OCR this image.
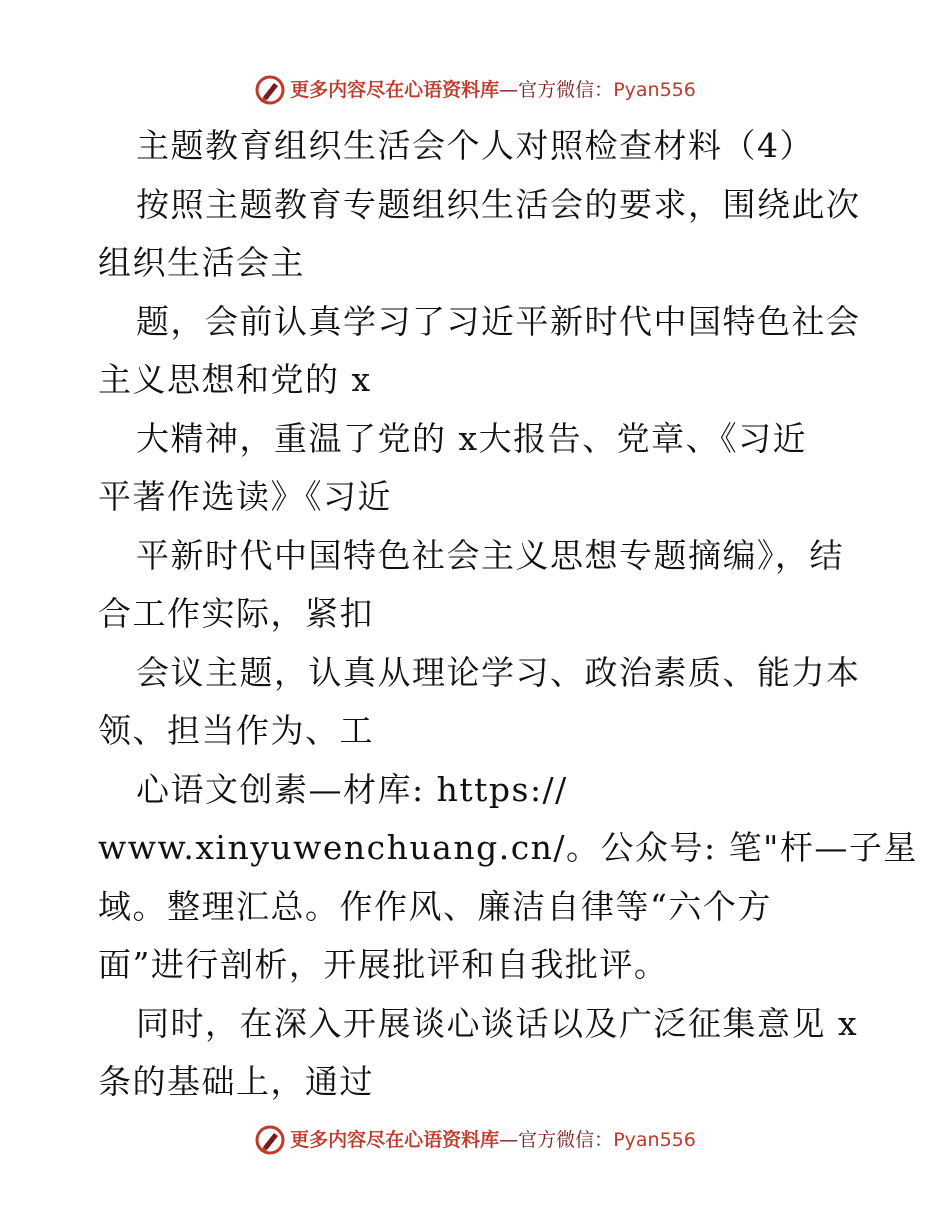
更多内容尽在心语资料库 — 官方微信： Pyan556
主题教育组织生活会个人对照检查材料（4）
按照主题教育专题组织生活会的要求，围绕此次
组织生活会主
题，会前认真学习了习近平新时代中国特色社会
主义思想和党的 x
大精神，重温了党的 x大报告、党章、《习近
平著作选读》《习近
平新时代中国特色社会主义思想专题摘编》，结
合工作实际，紧扣
会议主题，认真从理论学习、政治素质、能力本
领、担当作为、工
心语文创素—材库: https://
www.xinyuwenchuang.cn/。公众号: 笔"杆—子星
域。整理汇总。作作风、廉洁自律等“六个方
面”进行剖析，开展批评和自我批评。
同时，在深入开展谈心谈话以及广泛征集意见 x
条的基础上，通过
更多内容尽在心语资料库 — 官方微信： Pyan556
